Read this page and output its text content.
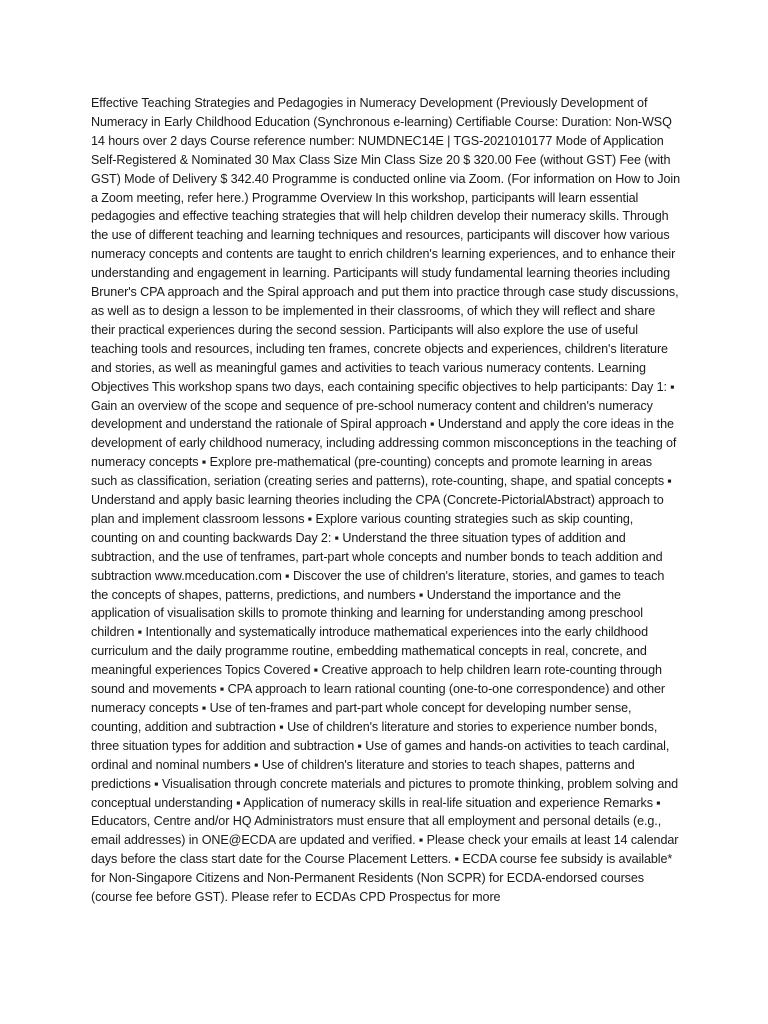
Effective Teaching Strategies and Pedagogies in Numeracy Development (Previously Development of Numeracy in Early Childhood Education (Synchronous e-learning) Certifiable Course: Duration: Non-WSQ 14 hours over 2 days Course reference number: NUMDNEC14E | TGS-2021010177 Mode of Application Self-Registered & Nominated 30 Max Class Size Min Class Size 20 $ 320.00 Fee (without GST) Fee (with GST) Mode of Delivery $ 342.40 Programme is conducted online via Zoom. (For information on How to Join a Zoom meeting, refer here.) Programme Overview In this workshop, participants will learn essential pedagogies and effective teaching strategies that will help children develop their numeracy skills. Through the use of different teaching and learning techniques and resources, participants will discover how various numeracy concepts and contents are taught to enrich children's learning experiences, and to enhance their understanding and engagement in learning. Participants will study fundamental learning theories including Bruner's CPA approach and the Spiral approach and put them into practice through case study discussions, as well as to design a lesson to be implemented in their classrooms, of which they will reflect and share their practical experiences during the second session. Participants will also explore the use of useful teaching tools and resources, including ten frames, concrete objects and experiences, children's literature and stories, as well as meaningful games and activities to teach various numeracy contents. Learning Objectives This workshop spans two days, each containing specific objectives to help participants: Day 1: ▪ Gain an overview of the scope and sequence of pre-school numeracy content and children's numeracy development and understand the rationale of Spiral approach ▪ Understand and apply the core ideas in the development of early childhood numeracy, including addressing common misconceptions in the teaching of numeracy concepts ▪ Explore pre-mathematical (pre-counting) concepts and promote learning in areas such as classification, seriation (creating series and patterns), rote-counting, shape, and spatial concepts ▪ Understand and apply basic learning theories including the CPA (Concrete-PictorialAbstract) approach to plan and implement classroom lessons ▪ Explore various counting strategies such as skip counting, counting on and counting backwards Day 2: ▪ Understand the three situation types of addition and subtraction, and the use of tenframes, part-part whole concepts and number bonds to teach addition and subtraction www.mceducation.com ▪ Discover the use of children's literature, stories, and games to teach the concepts of shapes, patterns, predictions, and numbers ▪ Understand the importance and the application of visualisation skills to promote thinking and learning for understanding among preschool children ▪ Intentionally and systematically introduce mathematical experiences into the early childhood curriculum and the daily programme routine, embedding mathematical concepts in real, concrete, and meaningful experiences Topics Covered ▪ Creative approach to help children learn rote-counting through sound and movements ▪ CPA approach to learn rational counting (one-to-one correspondence) and other numeracy concepts ▪ Use of ten-frames and part-part whole concept for developing number sense, counting, addition and subtraction ▪ Use of children's literature and stories to experience number bonds, three situation types for addition and subtraction ▪ Use of games and hands-on activities to teach cardinal, ordinal and nominal numbers ▪ Use of children's literature and stories to teach shapes, patterns and predictions ▪ Visualisation through concrete materials and pictures to promote thinking, problem solving and conceptual understanding ▪ Application of numeracy skills in real-life situation and experience Remarks ▪ Educators, Centre and/or HQ Administrators must ensure that all employment and personal details (e.g., email addresses) in ONE@ECDA are updated and verified. ▪ Please check your emails at least 14 calendar days before the class start date for the Course Placement Letters. ▪ ECDA course fee subsidy is available* for Non-Singapore Citizens and Non-Permanent Residents (Non SCPR) for ECDA-endorsed courses (course fee before GST). Please refer to ECDAs CPD Prospectus for more
